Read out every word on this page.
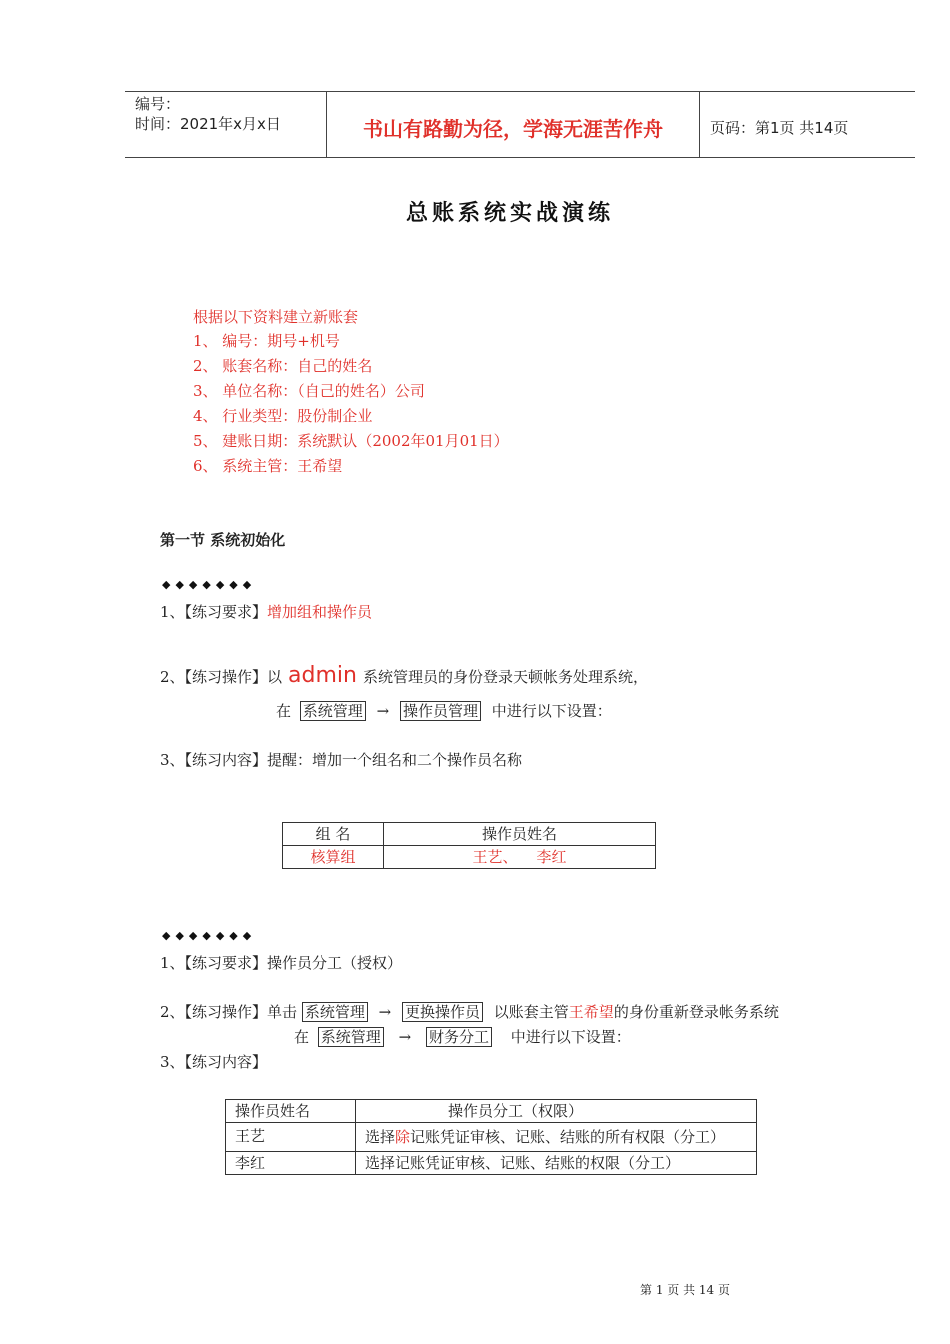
编号：
时间：2021年x月x日	书山有路勤为径，学海无涯苦作舟	页码：第1页 共14页
总账系统实战演练
根据以下资料建立新账套
1、 编号：期号+机号
2、 账套名称：自己的姓名
3、 单位名称：（自己的姓名）公司
4、 行业类型：股份制企业
5、 建账日期：系统默认（2002年01月01日）
6、 系统主管：王希望
第一节 系统初始化
◆◆◆◆◆◆◆
1、【练习要求】增加组和操作员
2、【练习操作】以 admin 系统管理员的身份登录天顿帐务处理系统，
在 系统管理 → 操作员管理 中进行以下设置：
3、【练习内容】提醒：增加一个组名和二个操作员名称
组 名	操作员姓名
核算组	王艺、    李红
◆◆◆◆◆◆◆
1、【练习要求】操作员分工（授权）
2、【练习操作】单击 系统管理 → 更换操作员 以账套主管王希望的身份重新登录帐务系统
在 系统管理 → 财务分工 中进行以下设置：
3、【练习内容】
操作员姓名	操作员分工（权限）
王艺	选择除记账凭证审核、记账、结账的所有权限（分工）
李红	选择记账凭证审核、记账、结账的权限（分工）
第 1 页 共 14 页
